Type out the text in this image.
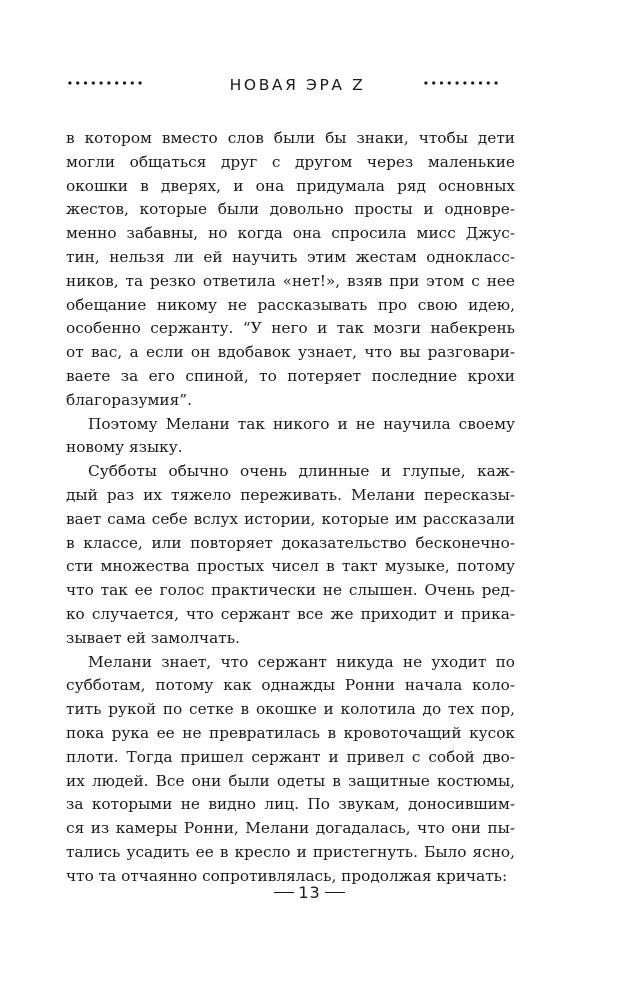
НОВАЯ ЭРА Z
в котором вместо слов были бы знаки, чтобы дети
могли общаться друг с другом через маленькие
окошки в дверях, и она придумала ряд основных
жестов, которые были довольно просты и одновре-
менно забавны, но когда она спросила мисс Джус-
тин, нельзя ли ей научить этим жестам однокласс-
ников, та резко ответила «нет!», взяв при этом с нее
обещание никому не рассказывать про свою идею,
особенно сержанту. “У него и так мозги набекрень
от вас, а если он вдобавок узнает, что вы разговари-
ваете за его спиной, то потеряет последние крохи
благоразумия”.
Поэтому Мелани так никого и не научила своему
новому языку.
Субботы обычно очень длинные и глупые, каж-
дый раз их тяжело переживать. Мелани пересказы-
вает сама себе вслух истории, которые им рассказали
в классе, или повторяет доказательство бесконечно-
сти множества простых чисел в такт музыке, потому
что так ее голос практически не слышен. Очень ред-
ко случается, что сержант все же приходит и прика-
зывает ей замолчать.
Мелани знает, что сержант никуда не уходит по
субботам, потому как однажды Ронни начала коло-
тить рукой по сетке в окошке и колотила до тех пор,
пока рука ее не превратилась в кровоточащий кусок
плоти. Тогда пришел сержант и привел с собой дво-
их людей. Все они были одеты в защитные костюмы,
за которыми не видно лиц. По звукам, доносившим-
ся из камеры Ронни, Мелани догадалась, что они пы-
тались усадить ее в кресло и пристегнуть. Было ясно,
что та отчаянно сопротивлялась, продолжая кричать:
13
